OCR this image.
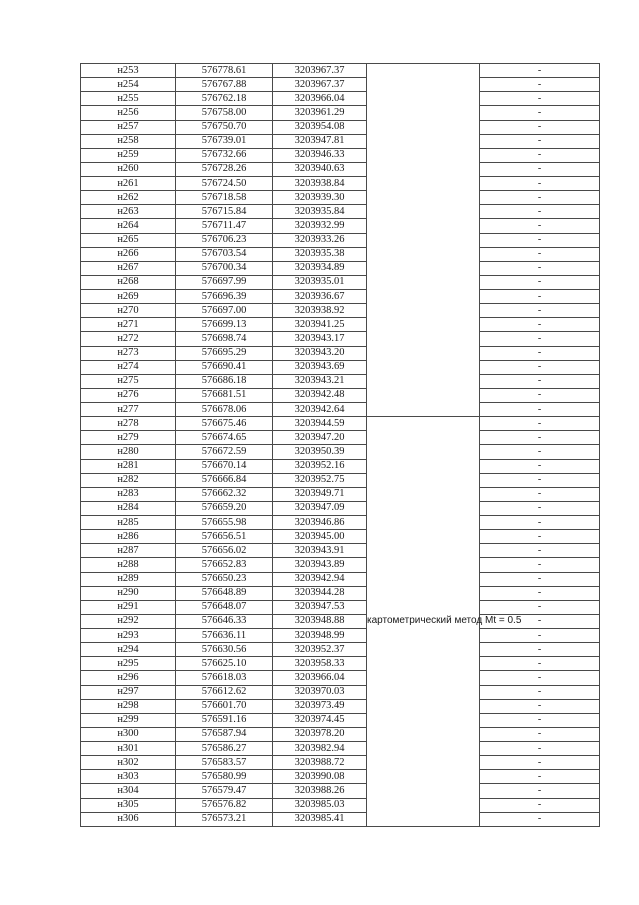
н253	576778.61	3203967.37		-
н254	576767.88	3203967.37		-
н255	576762.18	3203966.04		-
н256	576758.00	3203961.29		-
н257	576750.70	3203954.08		-
н258	576739.01	3203947.81		-
н259	576732.66	3203946.33		-
н260	576728.26	3203940.63		-
н261	576724.50	3203938.84		-
н262	576718.58	3203939.30		-
н263	576715.84	3203935.84		-
н264	576711.47	3203932.99		-
н265	576706.23	3203933.26		-
н266	576703.54	3203935.38		-
н267	576700.34	3203934.89		-
н268	576697.99	3203935.01		-
н269	576696.39	3203936.67		-
н270	576697.00	3203938.92		-
н271	576699.13	3203941.25		-
н272	576698.74	3203943.17		-
н273	576695.29	3203943.20		-
н274	576690.41	3203943.69		-
н275	576686.18	3203943.21		-
н276	576681.51	3203942.48		-
н277	576678.06	3203942.64		-
н278	576675.46	3203944.59	картометрический метод Mt = 0.5	-
н279	576674.65	3203947.20		-
н280	576672.59	3203950.39		-
н281	576670.14	3203952.16		-
н282	576666.84	3203952.75		-
н283	576662.32	3203949.71		-
н284	576659.20	3203947.09		-
н285	576655.98	3203946.86		-
н286	576656.51	3203945.00		-
н287	576656.02	3203943.91		-
н288	576652.83	3203943.89		-
н289	576650.23	3203942.94		-
н290	576648.89	3203944.28		-
н291	576648.07	3203947.53		-
н292	576646.33	3203948.88		-
н293	576636.11	3203948.99		-
н294	576630.56	3203952.37		-
н295	576625.10	3203958.33		-
н296	576618.03	3203966.04		-
н297	576612.62	3203970.03		-
н298	576601.70	3203973.49		-
н299	576591.16	3203974.45		-
н300	576587.94	3203978.20		-
н301	576586.27	3203982.94		-
н302	576583.57	3203988.72		-
н303	576580.99	3203990.08		-
н304	576579.47	3203988.26		-
н305	576576.82	3203985.03		-
н306	576573.21	3203985.41		-
